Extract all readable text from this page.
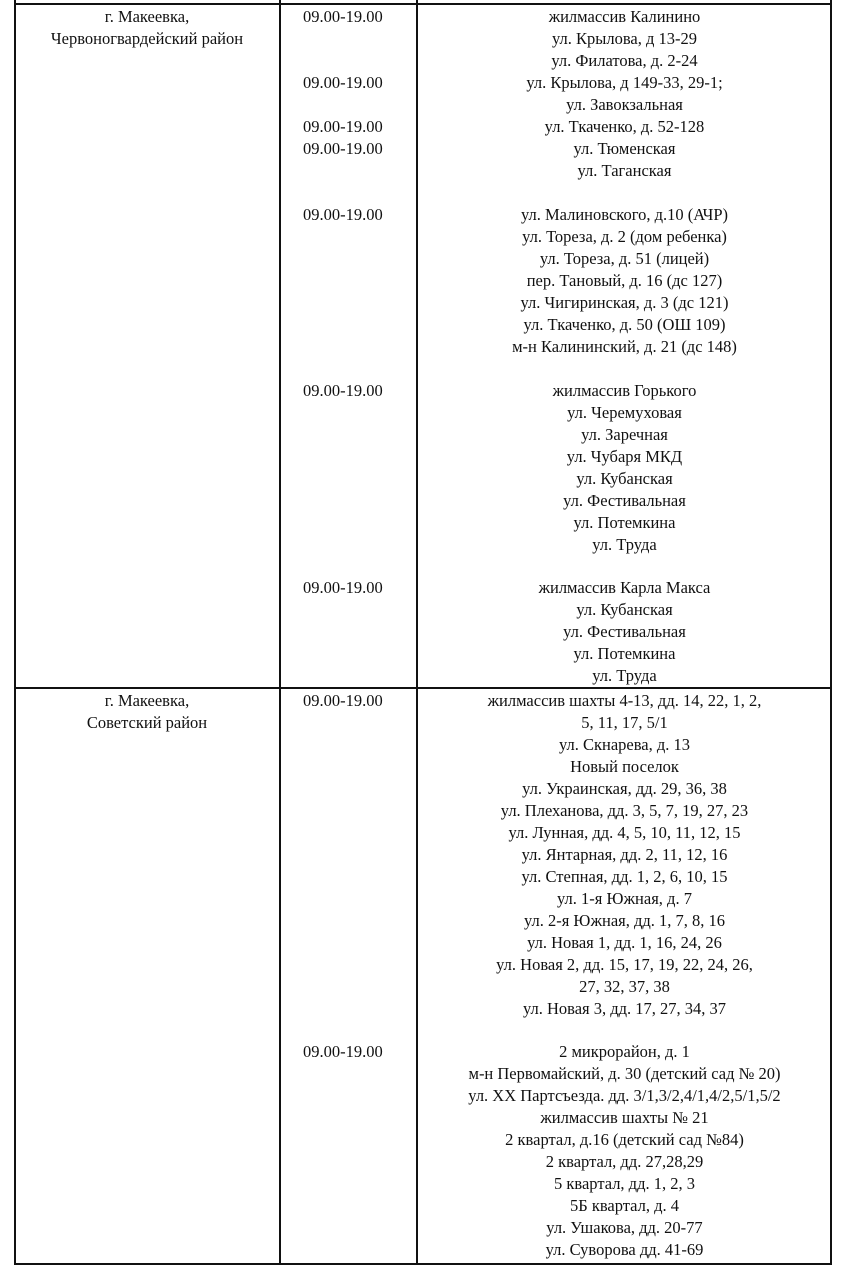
г. Макеевка,
Червоногвардейский район
09.00-19.00
09.00-19.00
09.00-19.00
09.00-19.00
09.00-19.00
09.00-19.00
09.00-19.00
жилмассив Калинино
ул. Крылова, д 13-29
ул. Филатова, д. 2-24
ул. Крылова, д 149-33, 29-1;
ул. Завокзальная
ул. Ткаченко, д. 52-128
ул. Тюменская
ул. Таганская
ул. Малиновского, д.10 (АЧР)
ул. Тореза, д. 2 (дом ребенка)
ул. Тореза, д. 51 (лицей)
пер. Тановый, д. 16 (дс 127)
ул. Чигиринская, д. 3 (дс 121)
ул. Ткаченко, д. 50 (ОШ 109)
м-н Калининский, д. 21 (дс 148)
жилмассив Горького
ул. Черемуховая
ул. Заречная
ул. Чубаря МКД
ул. Кубанская
ул. Фестивальная
ул. Потемкина
ул. Труда
жилмассив Карла Макса
ул. Кубанская
ул. Фестивальная
ул. Потемкина
ул. Труда
г. Макеевка,
Советский район
09.00-19.00
09.00-19.00
жилмассив шахты 4-13, дд. 14, 22, 1, 2,
5, 11, 17, 5/1
ул. Скнарева, д. 13
Новый поселок
ул. Украинская, дд. 29, 36, 38
ул. Плеханова, дд. 3, 5, 7, 19, 27, 23
ул. Лунная, дд. 4, 5, 10, 11, 12, 15
ул. Янтарная, дд. 2, 11, 12, 16
ул. Степная, дд. 1, 2, 6, 10, 15
ул. 1-я Южная, д. 7
ул. 2-я Южная, дд. 1, 7, 8, 16
ул. Новая 1, дд. 1, 16, 24, 26
ул. Новая 2, дд. 15, 17, 19, 22, 24, 26,
27, 32, 37, 38
ул. Новая 3, дд. 17, 27, 34, 37
2 микрорайон, д. 1
м-н Первомайский, д. 30 (детский сад № 20)
ул. XX Партсъезда. дд. 3/1,3/2,4/1,4/2,5/1,5/2
жилмассив шахты № 21
2 квартал, д.16 (детский сад №84)
2 квартал, дд. 27,28,29
5 квартал, дд. 1, 2, 3
5Б квартал, д. 4
ул. Ушакова, дд. 20-77
ул. Суворова дд. 41-69
